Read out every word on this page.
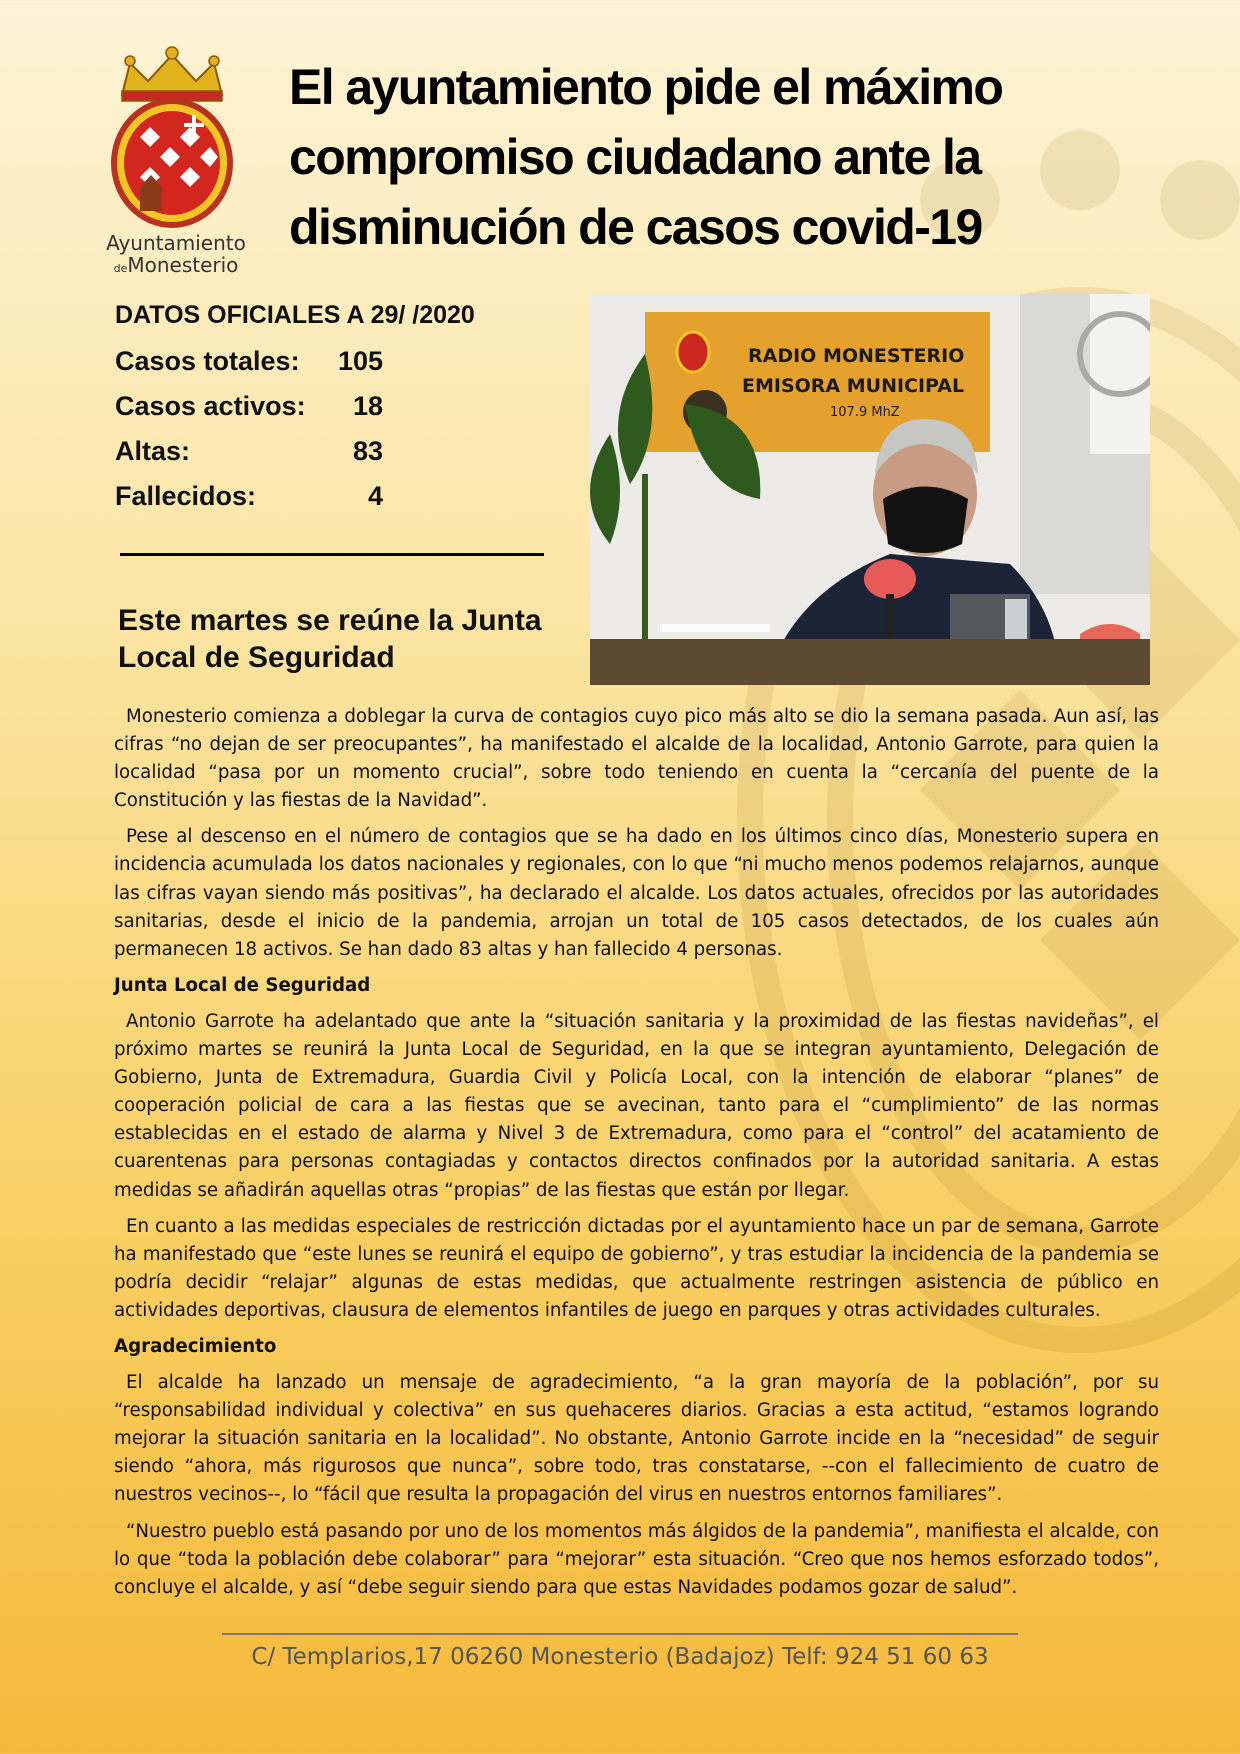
Ayuntamiento
deMonesterio
El ayuntamiento pide el máximo compromiso ciudadano ante la disminución de casos covid-19
DATOS OFICIALES A 29/ /2020
Casos totales: 105
Casos activos: 18
Altas:	83
Fallecidos:	4
Este martes se reúne la Junta Local de Seguridad
RADIO MONESTERIO
EMISORA MUNICIPAL
107.9 MhZ

Monesterio comienza a doblegar la curva de contagios cuyo pico más alto se dio la semana pasada. Aun así, las cifras “no dejan de ser preocupantes”, ha manifestado el alcalde de la localidad, Antonio Garrote, para quien la localidad “pasa por un momento crucial”, sobre todo teniendo en cuenta la “cercanía del puente de la Constitución y las fiestas de la Navidad”.

Pese al descenso en el número de contagios que se ha dado en los últimos cinco días, Monesterio supera en incidencia acumulada los datos nacionales y regionales, con lo que “ni mucho menos podemos relajarnos, aunque las cifras vayan siendo más positivas”, ha declarado el alcalde. Los datos actuales, ofrecidos por las autoridades sanitarias, desde el inicio de la pandemia, arrojan un total de 105 casos detectados, de los cuales aún permanecen 18 activos. Se han dado 83 altas y han fallecido 4 personas.

Junta Local de Seguridad

Antonio Garrote ha adelantado que ante la “situación sanitaria y la proximidad de las fiestas navideñas”, el próximo martes se reunirá la Junta Local de Seguridad, en la que se integran ayuntamiento, Delegación de Gobierno, Junta de Extremadura, Guardia Civil y Policía Local, con la intención de elaborar “planes” de cooperación policial de cara a las fiestas que se avecinan, tanto para el “cumplimiento” de las normas establecidas en el estado de alarma y Nivel 3 de Extremadura, como para el “control” del acatamiento de cuarentenas para personas contagiadas y contactos directos confinados por la autoridad sanitaria. A estas medidas se añadirán aquellas otras “propias” de las fiestas que están por llegar.

En cuanto a las medidas especiales de restricción dictadas por el ayuntamiento hace un par de semana, Garrote ha manifestado que “este lunes se reunirá el equipo de gobierno”, y tras estudiar la incidencia de la pandemia se podría decidir “relajar” algunas de estas medidas, que actualmente restringen asistencia de público en actividades deportivas, clausura de elementos infantiles de juego en parques y otras actividades culturales.

Agradecimiento

El alcalde ha lanzado un mensaje de agradecimiento, “a la gran mayoría de la población”, por su “responsabilidad individual y colectiva” en sus quehaceres diarios. Gracias a esta actitud, “estamos logrando mejorar la situación sanitaria en la localidad”. No obstante, Antonio Garrote incide en la “necesidad” de seguir siendo “ahora, más rigurosos que nunca”, sobre todo, tras constatarse, --con el fallecimiento de cuatro de nuestros vecinos--, lo “fácil que resulta la propagación del virus en nuestros entornos familiares”.

“Nuestro pueblo está pasando por uno de los momentos más álgidos de la pandemia”, manifiesta el alcalde, con lo que “toda la población debe colaborar” para “mejorar” esta situación. “Creo que nos hemos esforzado todos”, concluye el alcalde, y así “debe seguir siendo para que estas Navidades podamos gozar de salud”.

C/ Templarios,17 06260 Monesterio (Badajoz) Telf: 924 51 60 63
